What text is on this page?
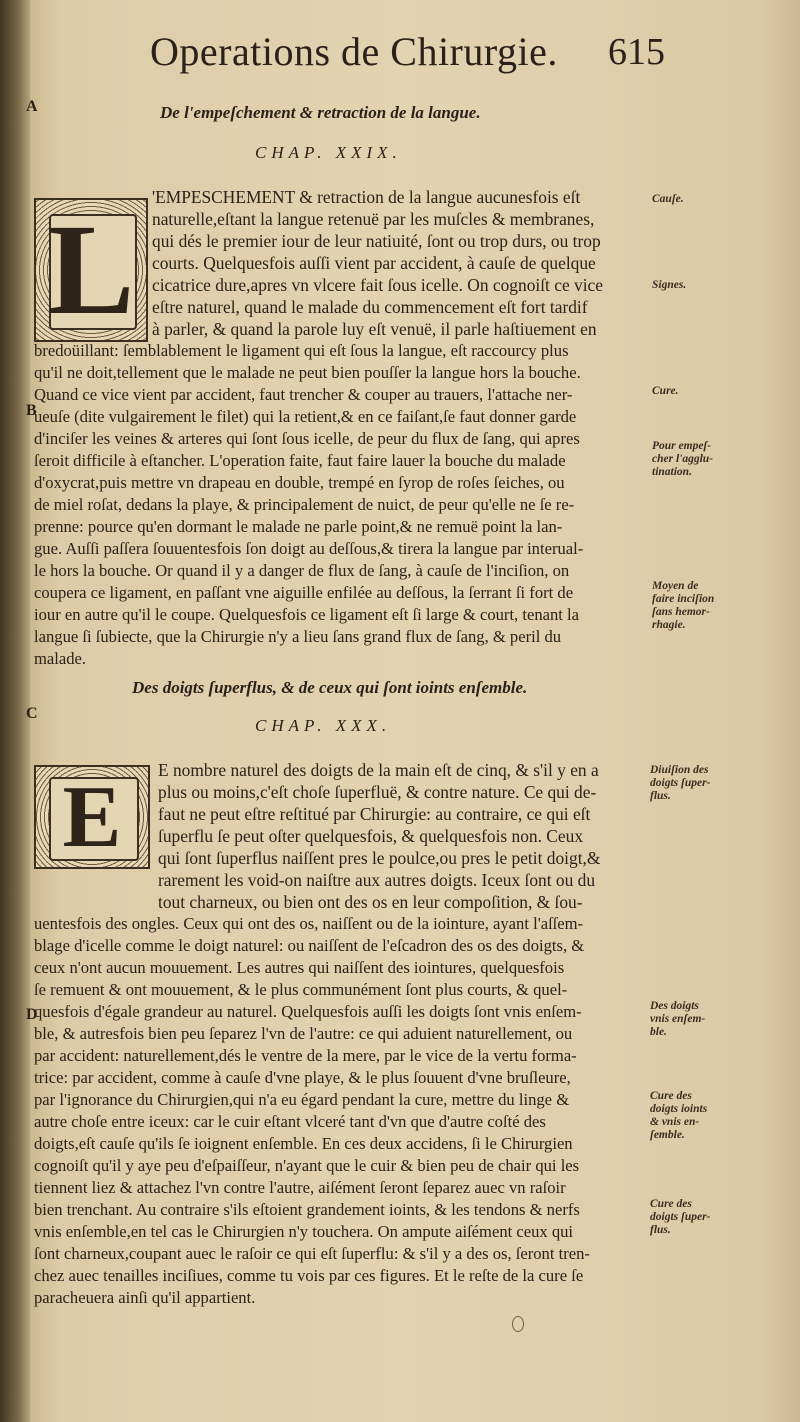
Operations de Chirurgie. 615
A
B
C
D
De l'empeſchement & retraction de la langue.
CHAP. XXIX.
L
'EMPESCHEMENT & retraction de la langue aucunesfois eſt
naturelle,eſtant la langue retenuë par les muſcles & membranes,
qui dés le premier iour de leur natiuité, ſont ou trop durs, ou trop
courts. Quelquesfois auſſi vient par accident, à cauſe de quelque
cicatrice dure,apres vn vlcere fait ſous icelle. On cognoiſt ce vice
eſtre naturel, quand le malade du commencement eſt fort tardif
à parler, & quand la parole luy eſt venuë, il parle haſtiuement en
bredoüillant: ſemblablement le ligament qui eſt ſous la langue, eſt raccourcy plus
qu'il ne doit,tellement que le malade ne peut bien pouſſer la langue hors la bouche.
Quand ce vice vient par accident, faut trencher & couper au trauers, l'attache ner-
ueuſe (dite vulgairement le filet) qui la retient,& en ce faiſant,ſe faut donner garde
d'inciſer les veines & arteres qui ſont ſous icelle, de peur du flux de ſang, qui apres
ſeroit difficile à eſtancher. L'operation faite, faut faire lauer la bouche du malade
d'oxycrat,puis mettre vn drapeau en double, trempé en ſyrop de roſes ſeiches, ou
de miel roſat, dedans la playe, & principalement de nuict, de peur qu'elle ne ſe re-
prenne: pource qu'en dormant le malade ne parle point,& ne remuë point la lan-
gue. Auſſi paſſera ſouuentesfois ſon doigt au deſſous,& tirera la langue par interual-
le hors la bouche. Or quand il y a danger de flux de ſang, à cauſe de l'inciſion, on
coupera ce ligament, en paſſant vne aiguille enfilée au deſſous, la ſerrant ſi fort de
iour en autre qu'il le coupe. Quelquesfois ce ligament eſt ſi large & court, tenant la
langue ſi ſubiecte, que la Chirurgie n'y a lieu ſans grand flux de ſang, & peril du
malade.
Cauſe.
Signes.
Cure.
Pour empeſ-
cher l'agglu-
tination.
Moyen de
faire inciſion
ſans hemor-
rhagie.
Des doigts ſuperflus, & de ceux qui ſont ioints enſemble.
CHAP. XXX.
E	E nombre naturel des doigts de la main eſt de cinq, & s'il y en a
plus ou moins,c'eſt choſe ſuperfluë, & contre nature. Ce qui de-
faut ne peut eſtre reſtitué par Chirurgie: au contraire, ce qui eſt
ſuperflu ſe peut oſter quelquesfois, & quelquesfois non. Ceux
qui ſont ſuperflus naiſſent pres le poulce,ou pres le petit doigt,&
rarement les void-on naiſtre aux autres doigts. Iceux ſont ou du
tout charneux, ou bien ont des os en leur compoſition, & ſou-
uentesfois des ongles. Ceux qui ont des os, naiſſent ou de la iointure, ayant l'aſſem-
blage d'icelle comme le doigt naturel: ou naiſſent de l'eſcadron des os des doigts, &
ceux n'ont aucun mouuement. Les autres qui naiſſent des iointures, quelquesfois
ſe remuent & ont mouuement, & le plus communément ſont plus courts, & quel-
quesfois d'égale grandeur au naturel. Quelquesfois auſſi les doigts ſont vnis enſem-
ble, & autresfois bien peu ſeparez l'vn de l'autre: ce qui aduient naturellement, ou
par accident: naturellement,dés le ventre de la mere, par le vice de la vertu forma-
trice: par accident, comme à cauſe d'vne playe, & le plus ſouuent d'vne bruſleure,
par l'ignorance du Chirurgien,qui n'a eu égard pendant la cure, mettre du linge &
autre choſe entre iceux: car le cuir eſtant vlceré tant d'vn que d'autre coſté des
doigts,eſt cauſe qu'ils ſe ioignent enſemble. En ces deux accidens, ſi le Chirurgien
cognoiſt qu'il y aye peu d'eſpaiſſeur, n'ayant que le cuir & bien peu de chair qui les
tiennent liez & attachez l'vn contre l'autre, aiſément ſeront ſeparez auec vn raſoir
bien trenchant. Au contraire s'ils eſtoient grandement ioints, & les tendons & nerfs
vnis enſemble,en tel cas le Chirurgien n'y touchera. On ampute aiſément ceux qui
ſont charneux,coupant auec le raſoir ce qui eſt ſuperflu: & s'il y a des os, ſeront tren-
chez auec tenailles inciſiues, comme tu vois par ces figures. Et le reſte de la cure ſe
paracheuera ainſi qu'il appartient.
Diuiſion des
doigts ſuper-
flus.
Des doigts
vnis enſem-
ble.
Cure des
doigts ioints
& vnis en-
ſemble.
Cure des
doigts ſuper-
flus.
